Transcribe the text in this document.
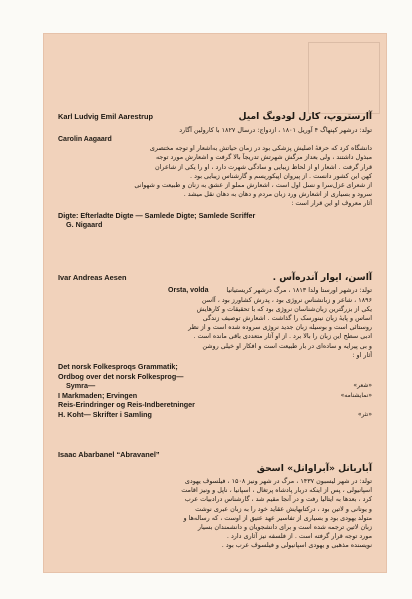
Karl Ludvig Emil Aarestrup	آارستروپ، کارل لودویگ امیل
تولد: درشهر کپنهاگ ۴ آوریل ۱۸۰۱ ، ازدواج: درسال ۱۸۲۷ با کارولین آگارد
Carolin Aagaard
دانشگاه کرد که حرفهٔ اصلیش پزشکی بود در زمان حیاتش به‌اشعار او توجه مختصری
مبذول داشتند ، ولی بعداز مرگش شهرتش تدریجاً بالا گرفت و اشعارش مورد توجه
قرار گرفت . اشعار او از لحاظ زیبایی و سادگی شهرت دارد ، او را یکی از شاعران
کهن این کشور دانست . از پیروان اپیکوریسم و گارشناس زیبایی بود .
از شعرای غزل‌سرا و نسل اول است ، اشعارش مملو از عشق به زنان و طبیعت و شهوانی
سرود و بسیاری از اشعارش ورد زبان مردم و دهان به دهان نقل میشد .
آثار معروف او این قرار است :
Digte: Efterladte Digte — Samlede Digte; Samlede Scriffer
G. Nigaard
Ivar Andreas Aesen	آاسن، ایوار آندره‌آس .
Orsta, volda	تولد: درشهر اورستا ولدا ۱۸۱۳ ، مرگ درشهر کریستیانیا
۱۸۹۶ ، شاعر و زبانشناس نروژی بود ، پدرش کشاورز بود ، آاسن
یکی از بزرگترین زبان‌شناسان نروژی بود که با تحقیقات و کارهایش
اساس و پایهٔ زبان نینورسک را گذاشت . اشعارش توصیف زندگی
روستائی است و بوسیله زبان جدید نروژی سروده شده است و از نظر
ادبی سطح این زبان را بالا برد . از او آثار متعددی باقی مانده است .
و بی پیرایه و ساده‌ای در بار طبیعت است و افکار او خیلی روشن
آثار او :
Det norsk Folkesproqs Grammatik;
Ordbog over det norsk Folkesprog—
Symra—	«شعر»
I Markmaden; Ervingen	«نمایشنامه»
Reis-Erindringer og Reis-Indberetninger
H. Koht— Skrifter i Samling	«نثر»
Isaac Abarbanel “Abravanel”
آباربانل «آبراوانل» اسحق
تولد: در شهر لیسبون ۱۴۳۷ ، مرگ در شهر ونیز ۱۵۰۸ ، فیلسوف یهودی
اسپانیولی ، پس از اینکه دربار پادشاه پرتغال ، اسپانیا ، ناپل و ونیز اقامت
کرد ، بعدها به ایتالیا رفت و در آنجا مقیم شد ، گارشناس درادبیات عرب
و یونانی و لاتین بود ، درکتابهایش عقاید خود را به زبان عبری نوشت
متولد یهودی بود و بسیاری از تفاسیر عهد عتیق از اوست ، که رساله‌ها و
زبان لاتین ترجمه شده است و برای دانشجویان و دانشمندان بسیار
مورد توجه قرار گرفته است . از فلسفه نیز آثاری دارد .
نویسنده مذهبی و یهودی اسپانیولی و فیلسوف عرب بود .
